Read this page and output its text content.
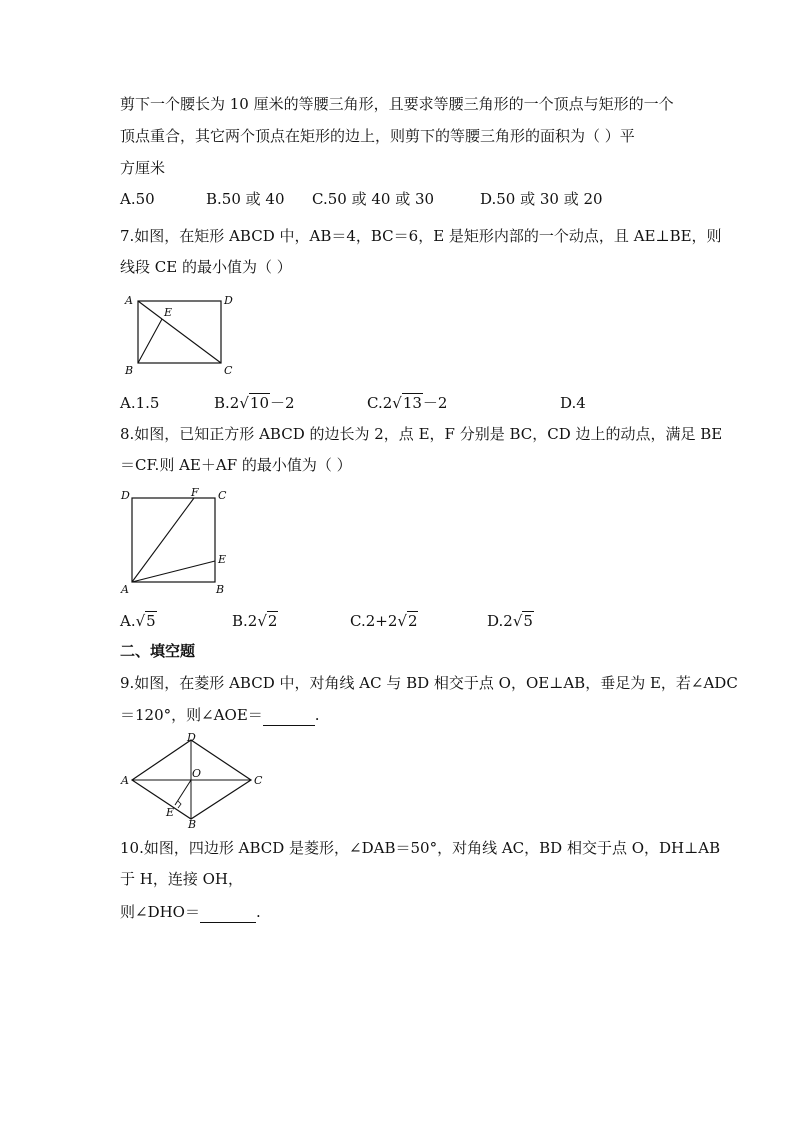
剪下一个腰长为 10 厘米的等腰三角形，且要求等腰三角形的一个顶点与矩形的一个
顶点重合，其它两个顶点在矩形的边上，则剪下的等腰三角形的面积为（ ）平
方厘米
A.50	B.50 或 40 C.50 或 40 或 30	D.50 或 30 或 20
7.如图，在矩形 ABCD 中，AB＝4，BC＝6，E 是矩形内部的一个动点，且 AE⊥BE，则
线段 CE 的最小值为（ ）
A	D
E
B	C
A.1.5	B.2√10－2	C.2√13－2	D.4
8.如图，已知正方形 ABCD 的边长为 2，点 E，F 分别是 BC，CD 边上的动点，满足 BE
＝CF.则 AE＋AF 的最小值为（ ）
D	F C
E
A	B
A.√5	B.2√2	C.2+2√2	D.2√5
二、填空题
9.如图，在菱形 ABCD 中，对角线 AC 与 BD 相交于点 O，OE⊥AB，垂足为 E，若∠ADC
＝120°，则∠AOE＝	.
D
A
O
C
E
B
10.如图，四边形 ABCD 是菱形，∠DAB＝50°，对角线 AC，BD 相交于点 O，DH⊥AB
于 H，连接 OH，
则∠DHO＝	.
